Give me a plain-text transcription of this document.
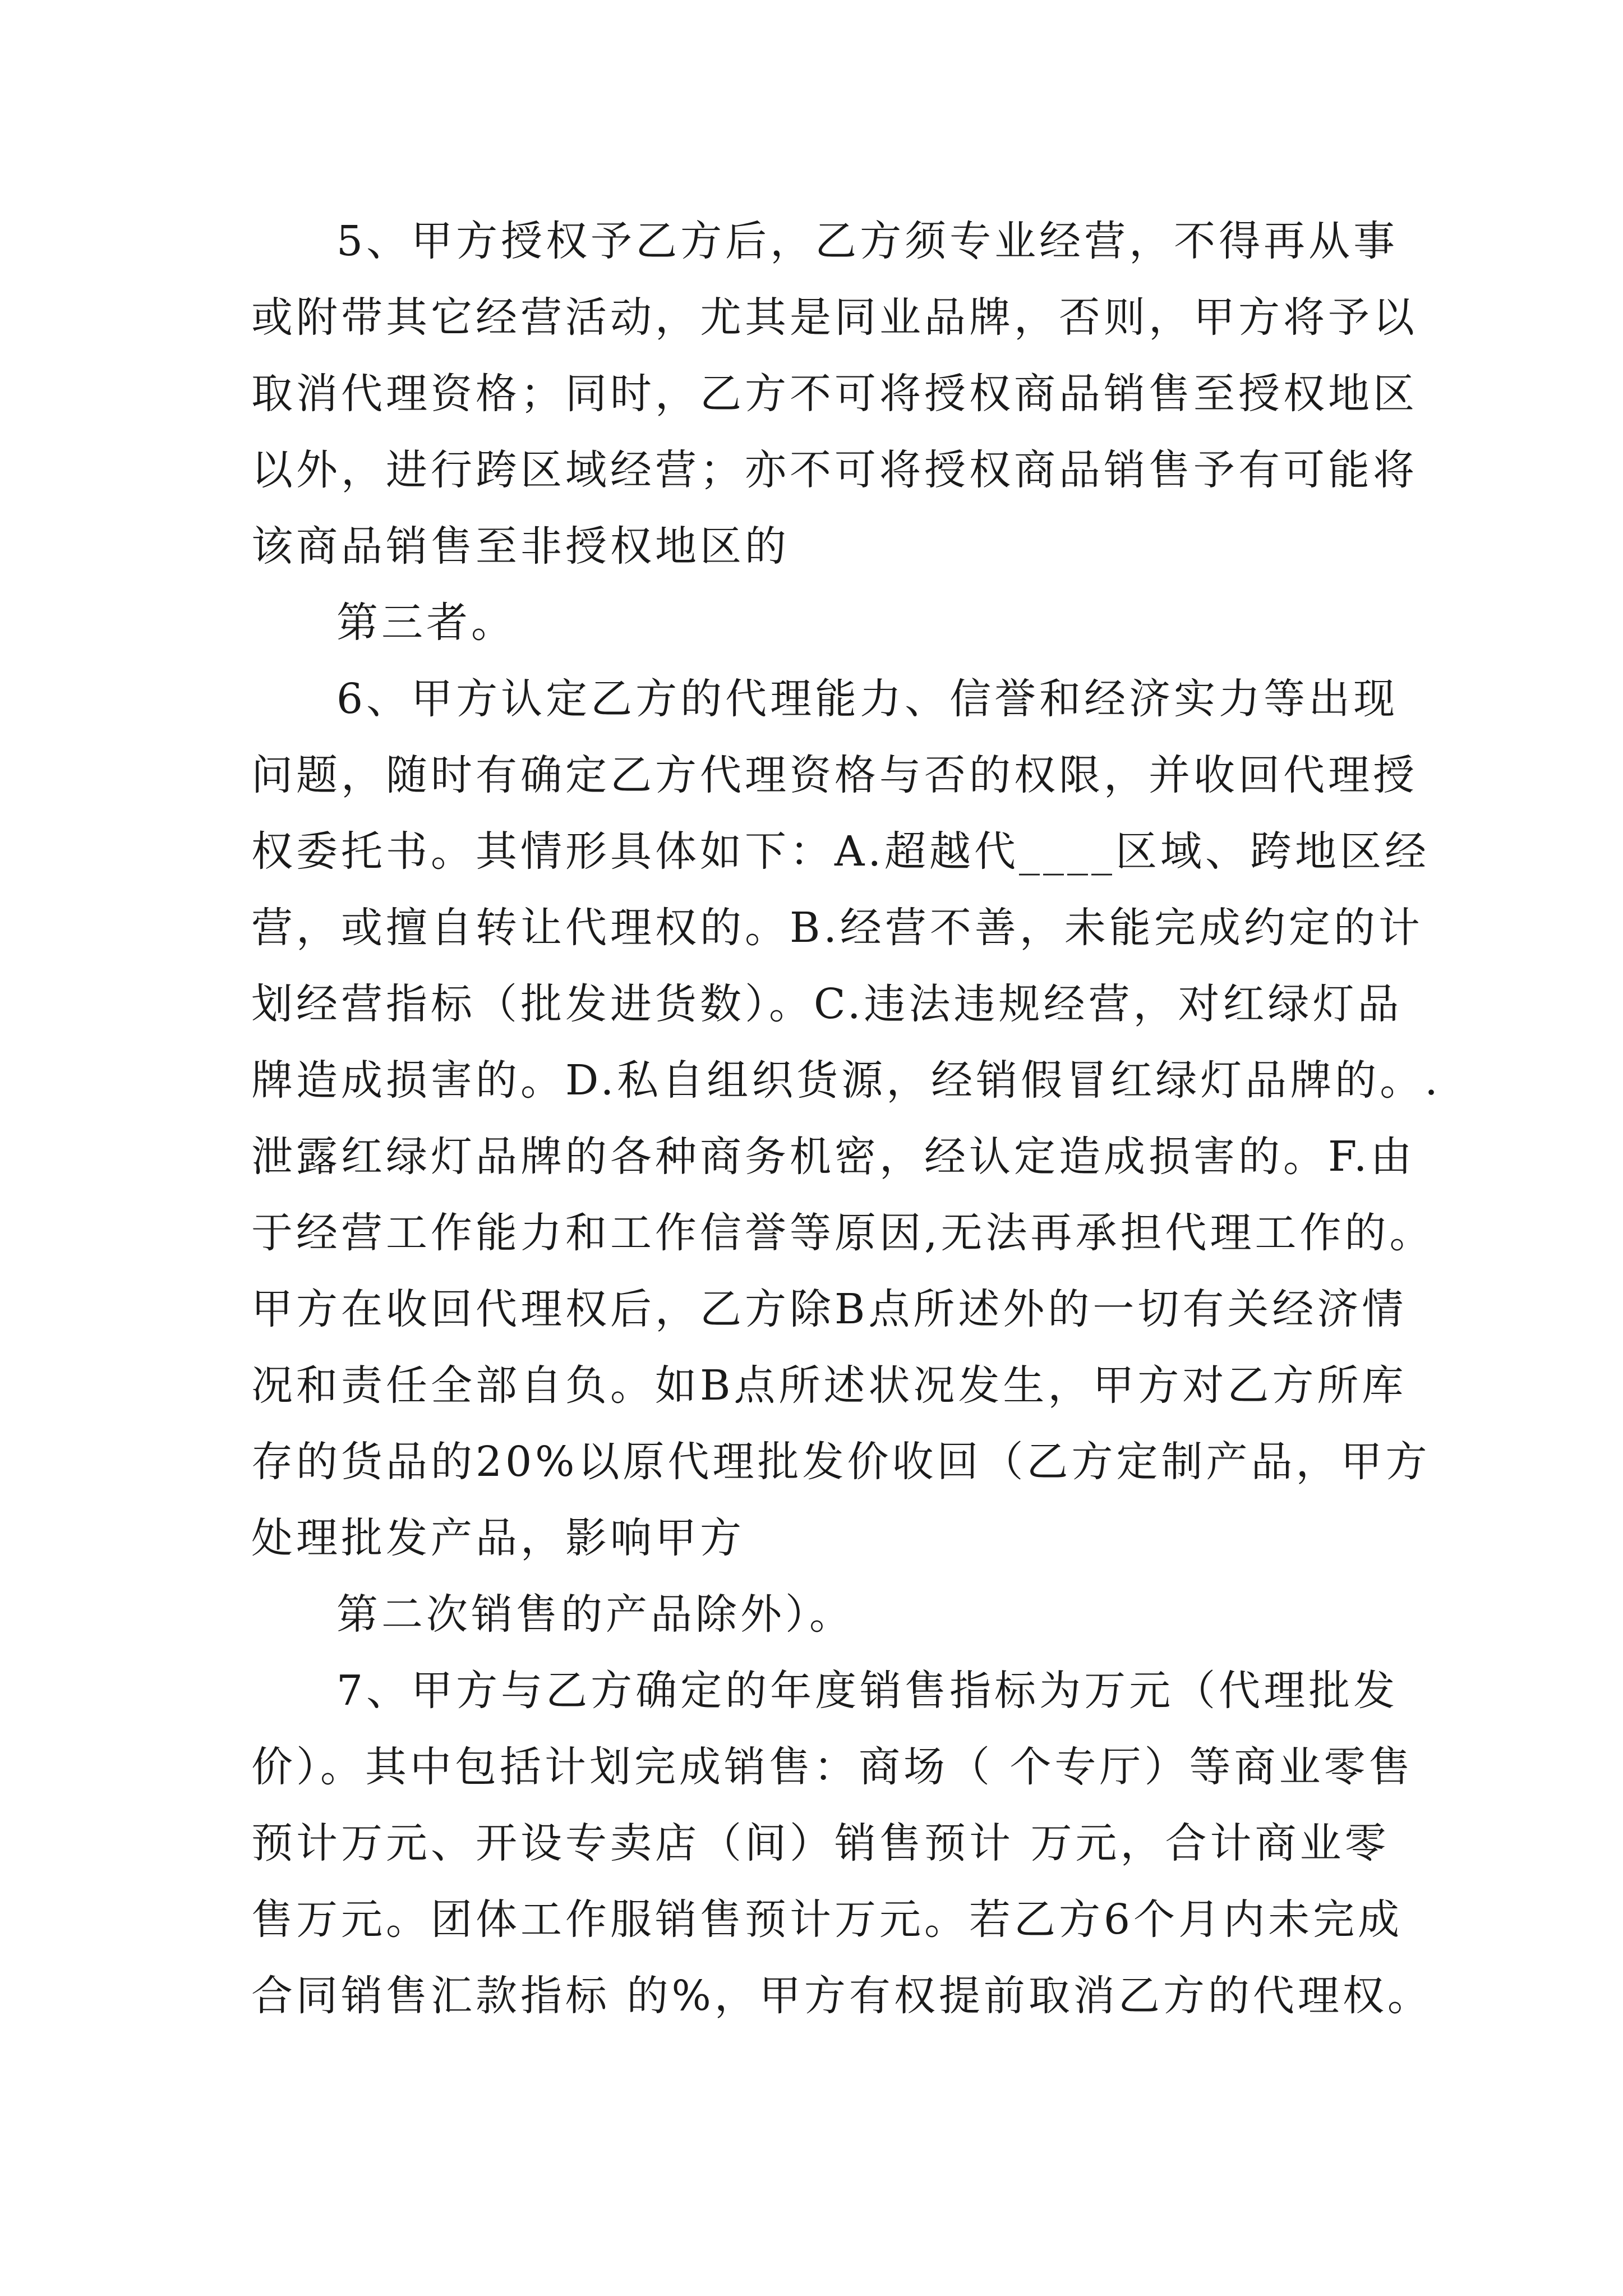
5、甲方授权予乙方后，乙方须专业经营，不得再从事
或附带其它经营活动，尤其是同业品牌，否则，甲方将予以
取消代理资格；同时，乙方不可将授权商品销售至授权地区
以外，进行跨区域经营；亦不可将授权商品销售予有可能将
该商品销售至非授权地区的
第三者。
6、甲方认定乙方的代理能力、信誉和经济实力等出现
问题，随时有确定乙方代理资格与否的权限，并收回代理授
权委托书。其情形具体如下：A.超越代____区域、跨地区经
营，或擅自转让代理权的。B.经营不善，未能完成约定的计
划经营指标（批发进货数）。C.违法违规经营，对红绿灯品
牌造成损害的。D.私自组织货源，经销假冒红绿灯品牌的。.
泄露红绿灯品牌的各种商务机密，经认定造成损害的。F.由
于经营工作能力和工作信誉等原因,无法再承担代理工作的。
甲方在收回代理权后，乙方除B点所述外的一切有关经济情
况和责任全部自负。如B点所述状况发生，甲方对乙方所库
存的货品的20%以原代理批发价收回（乙方定制产品，甲方
处理批发产品，影响甲方
第二次销售的产品除外）。
7、甲方与乙方确定的年度销售指标为万元（代理批发
价）。其中包括计划完成销售：商场（ 个专厅）等商业零售
预计万元、开设专卖店（间）销售预计 万元，合计商业零
售万元。团体工作服销售预计万元。若乙方6个月内未完成
合同销售汇款指标 的%，甲方有权提前取消乙方的代理权。
